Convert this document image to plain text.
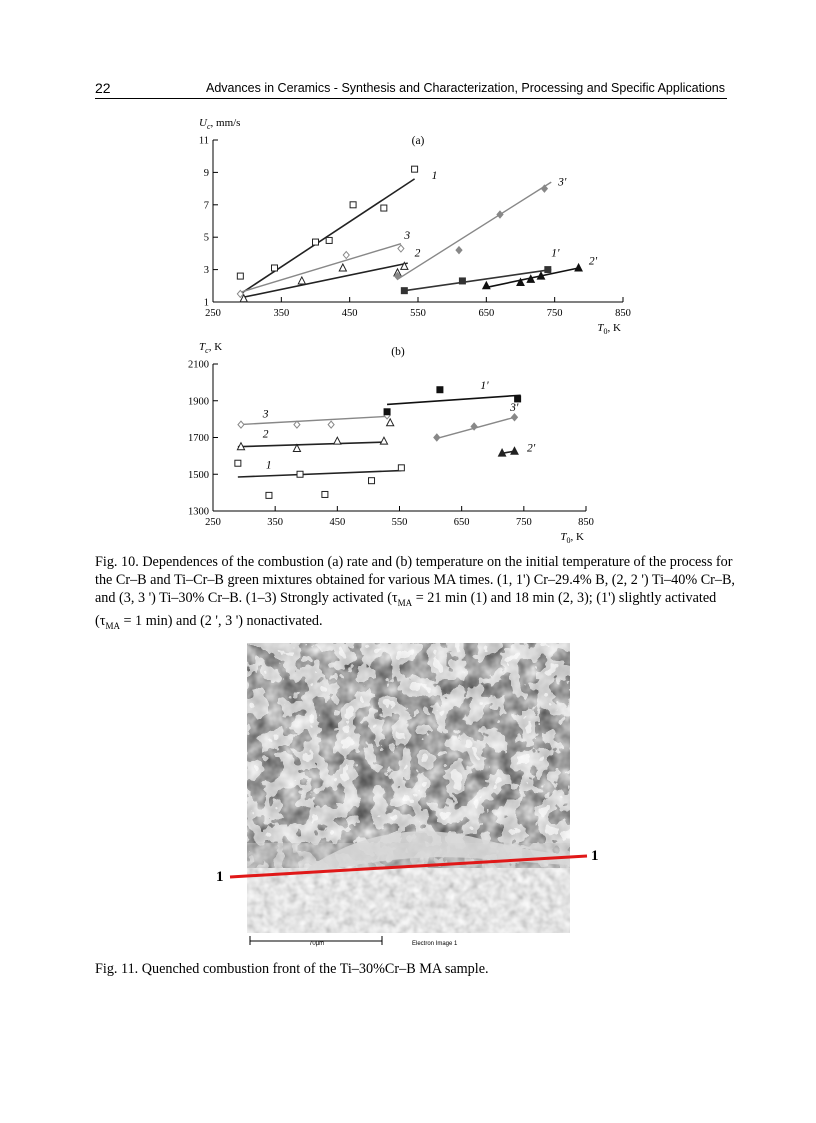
22	Advances in Ceramics - Synthesis and Characterization, Processing and Specific Applications
1
3
5
7
9
11
250	350	450	550	650	750	850
$U_c$, mm/s
$T_0$, K
(a)
1
3'
3
2	1'
2'
1300
1500
1700
1900
2100
250	350	450	550	650	750	850
$T_c$, K
$T_0$, K
(b)
1'
3'
3
2
2'
1
Fig. 10. Dependences of the combustion (a) rate and (b) temperature on the initial temperature of the process for the Cr–B and Ti–Cr–B green mixtures obtained for various MA times. (1, 1') Cr–29.4% B, (2, 2 ') Ti–40% Cr–B, and (3, 3 ') Ti–30% Cr–B. (1–3) Strongly activated ($\tau_{MA} = 21$ min (1) and 18 min (2, 3); (1') slightly activated ($\tau_{MA} = 1$ min) and (2 ', 3 ') nonactivated.
70µm	Electron Image 1
1
1
Fig. 11. Quenched combustion front of the Ti–30%Cr–B MA sample.
